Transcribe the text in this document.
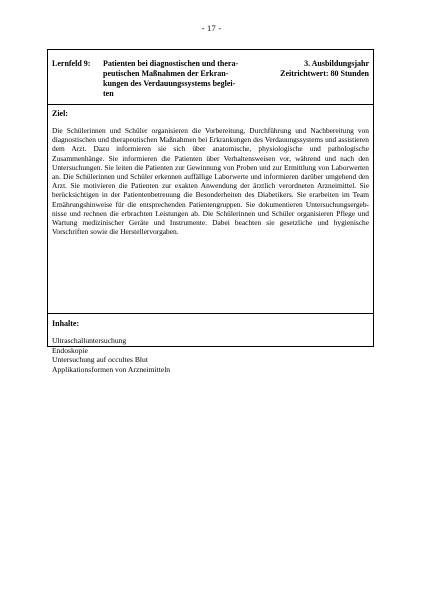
- 17 -
Lernfeld 9: Patienten bei diagnostischen und thera-
peutischen Maßnahmen der Erkran-
kungen des Verdauungssystems beglei-
ten
3. Ausbildungsjahr
Zeitrichtwert: 80 Stunden
Ziel:
Die Schülerinnen und Schüler organisieren die Vorbereitung, Durchführung und Nachbereitung von diagnostischen und therapeutischen Maßnahmen bei Erkrankungen des Verdauungssystems und assistieren dem Arzt. Dazu informieren sie sich über anatomische, physiologische und pathologische Zusammenhänge. Sie informieren die Patienten über Verhaltensweisen vor, während und nach den Untersuchungen. Sie leiten die Patienten zur Gewinnung von Proben und zur Ermittlung von Laborwerten an. Die Schülerinnen und Schüler erkennen auffällige Laborwerte und informieren darüber umgehend den Arzt. Sie motivieren die Patienten zur exakten Anwendung der ärztlich verordneten Arzneimittel. Sie berücksichtigen in der Patientenbetreuung die Besonderheiten des Diabetikers. Sie erarbeiten im Team Ernährungshinweise für die entsprechenden Patientengruppen. Sie dokumentieren Untersuchungsergebnisse und rechnen die erbrachten Leistungen ab. Die Schülerinnen und Schüler organisieren Pflege und Wartung medizinischer Geräte und Instrumente. Dabei beachten sie gesetzliche und hygienische Vorschriften sowie die Herstellervorgaben.
Inhalte:
Ultraschalluntersuchung
Endoskopie
Untersuchung auf occultes Blut
Applikationsformen von Arzneimitteln
